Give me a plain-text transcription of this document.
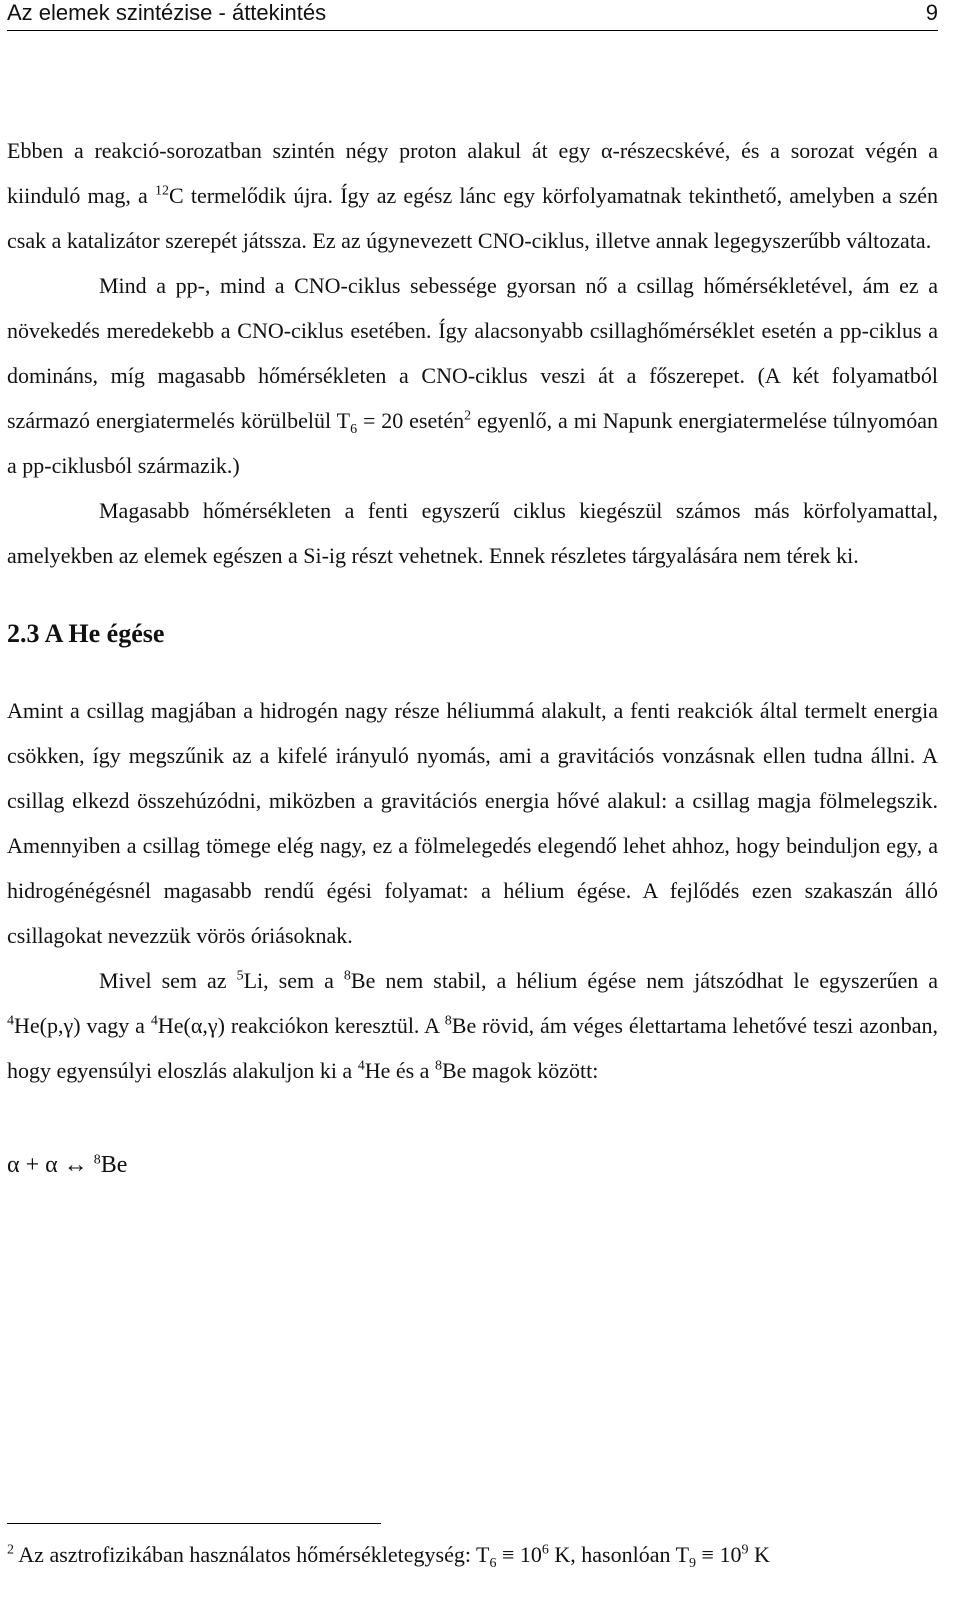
Az elemek szintézise - áttekintés	9

Ebben a reakció-sorozatban szintén négy proton alakul át egy α-részecskévé, és a sorozat végén a kiinduló mag, a $^{12}$C termelődik újra. Így az egész lánc egy körfolyamatnak tekinthető, amelyben a szén csak a katalizátor szerepét játssza. Ez az úgynevezett CNO-ciklus, illetve annak legegyszerűbb változata.

Mind a pp-, mind a CNO-ciklus sebessége gyorsan nő a csillag hőmérsékletével, ám ez a növekedés meredekebb a CNO-ciklus esetében. Így alacsonyabb csillaghőmérséklet esetén a pp-ciklus a domináns, míg magasabb hőmérsékleten a CNO-ciklus veszi át a főszerepet. (A két folyamatból származó energiatermelés körülbelül $T_6 = 20$ esetén$^2$ egyenlő, a mi Napunk energiatermelése túlnyomóan a pp-ciklusból származik.)

Magasabb hőmérsékleten a fenti egyszerű ciklus kiegészül számos más körfolyamattal, amelyekben az elemek egészen a Si-ig részt vehetnek. Ennek részletes tárgyalására nem térek ki.

2.3 A He égése

Amint a csillag magjában a hidrogén nagy része héliummá alakult, a fenti reakciók által termelt energia csökken, így megszűnik az a kifelé irányuló nyomás, ami a gravitációs vonzásnak ellen tudna állni. A csillag elkezd összehúzódni, miközben a gravitációs energia hővé alakul: a csillag magja fölmelegszik. Amennyiben a csillag tömege elég nagy, ez a fölmelegedés elegendő lehet ahhoz, hogy beinduljon egy, a hidrogénégésnél magasabb rendű égési folyamat: a hélium égése. A fejlődés ezen szakaszán álló csillagokat nevezzük vörös óriásoknak.

Mivel sem az $^5$Li, sem a $^8$Be nem stabil, a hélium égése nem játszódhat le egyszerűen a $^4$He(p,γ) vagy a $^4$He(α,γ) reakciókon keresztül. A $^8$Be rövid, ám véges élettartama lehetővé teszi azonban, hogy egyensúlyi eloszlás alakuljon ki a $^4$He és a $^8$Be magok között:

α + α ↔ $^8$Be
$^2$ Az asztrofizikában használatos hőmérsékletegység: $T_6 \equiv 10^6$ K, hasonlóan $T_9 \equiv 10^9$ K
